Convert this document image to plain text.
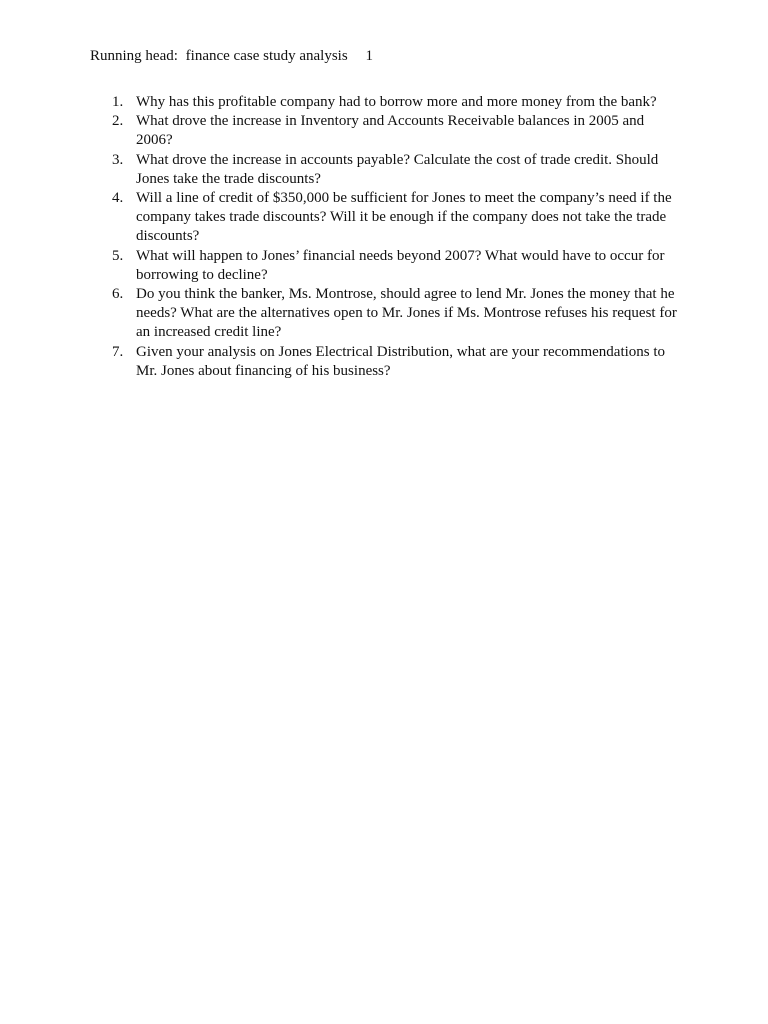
Running head: finance case study analysis 1
1. Why has this profitable company had to borrow more and more money from the bank?
2. What drove the increase in Inventory and Accounts Receivable balances in 2005 and 2006?
3. What drove the increase in accounts payable? Calculate the cost of trade credit. Should Jones take the trade discounts?
4. Will a line of credit of $350,000 be sufficient for Jones to meet the company’s need if the company takes trade discounts? Will it be enough if the company does not take the trade discounts?
5. What will happen to Jones’ financial needs beyond 2007? What would have to occur for borrowing to decline?
6. Do you think the banker, Ms. Montrose, should agree to lend Mr. Jones the money that he needs? What are the alternatives open to Mr. Jones if Ms. Montrose refuses his request for an increased credit line?
7. Given your analysis on Jones Electrical Distribution, what are your recommendations to Mr. Jones about financing of his business?
